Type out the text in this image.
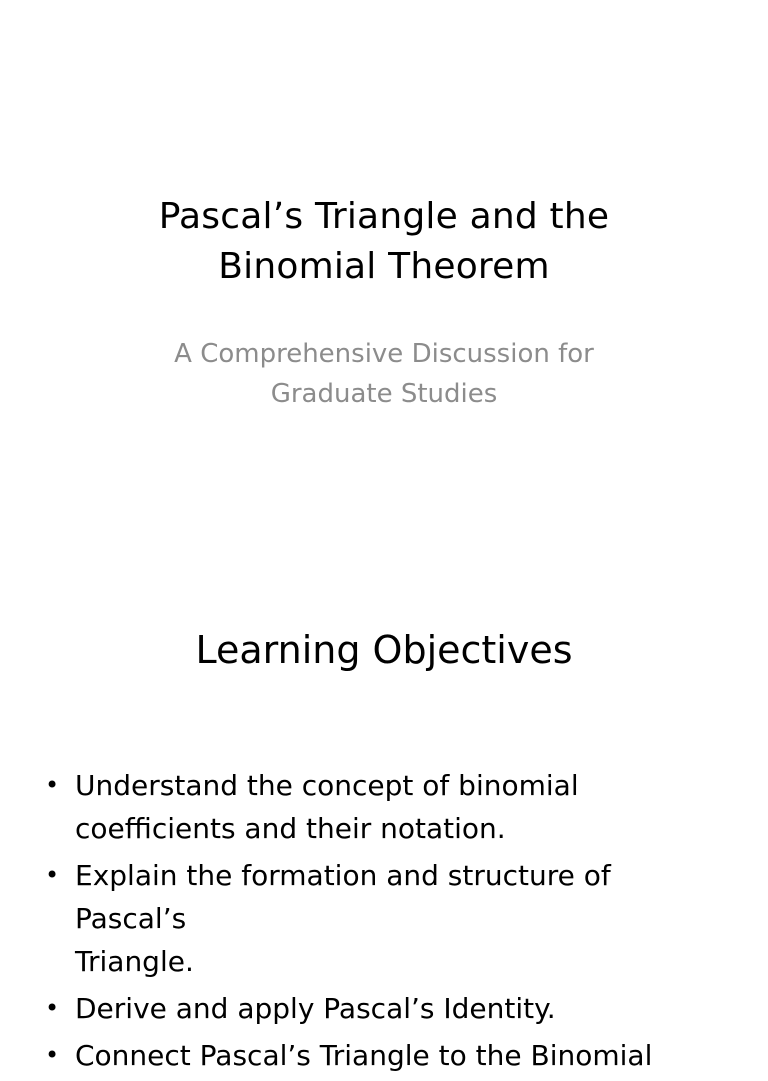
Pascal’s Triangle and the
Binomial Theorem
A Comprehensive Discussion for
Graduate Studies
Learning Objectives
• Understand the concept of binomial
coefficients and their notation.
• Explain the formation and structure of Pascal’s
Triangle.
• Derive and apply Pascal’s Identity.
• Connect Pascal’s Triangle to the Binomial
